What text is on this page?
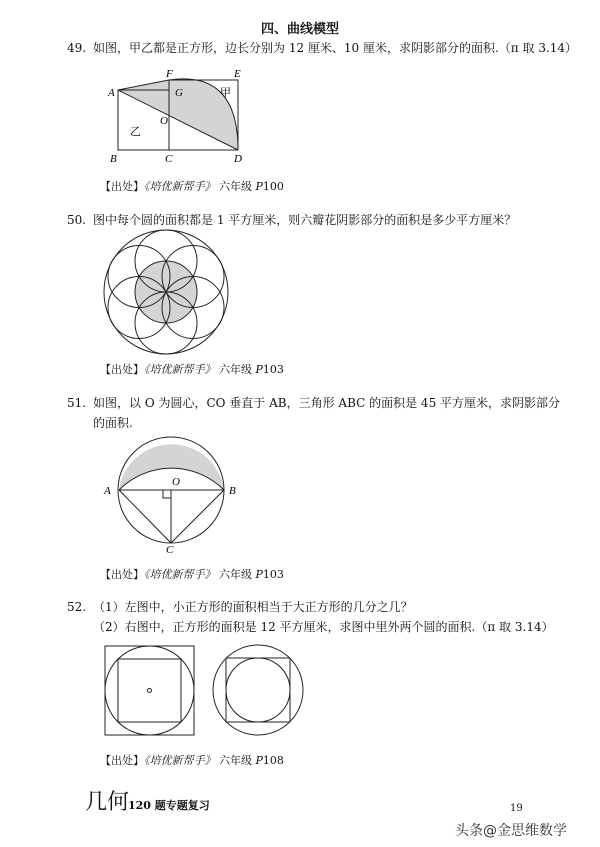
四、曲线模型
49. 如图，甲乙都是正方形，边长分别为 12 厘米、10 厘米，求阴影部分的面积.（π 取 3.14）
A
F	E
G	甲
O
乙
B	C	D
【出处】《培优新帮手》 六年级 P100
50. 图中每个圆的面积都是 1 平方厘米，则六瓣花阴影部分的面积是多少平方厘米？
【出处】《培优新帮手》 六年级 P103
51. 如图，以 O 为圆心，CO 垂直于 AB，三角形 ABC 的面积是 45 平方厘米，求阴影部分
的面积.
O
A	B
C
【出处】《培优新帮手》 六年级 P103
52. （1）左图中，小正方形的面积相当于大正方形的几分之几？
（2）右图中，正方形的面积是 12 平方厘米，求图中里外两个圆的面积.（π 取 3.14）
【出处】《培优新帮手》 六年级 P108
几何
120 题专题复习	19
头条@金思维数学
